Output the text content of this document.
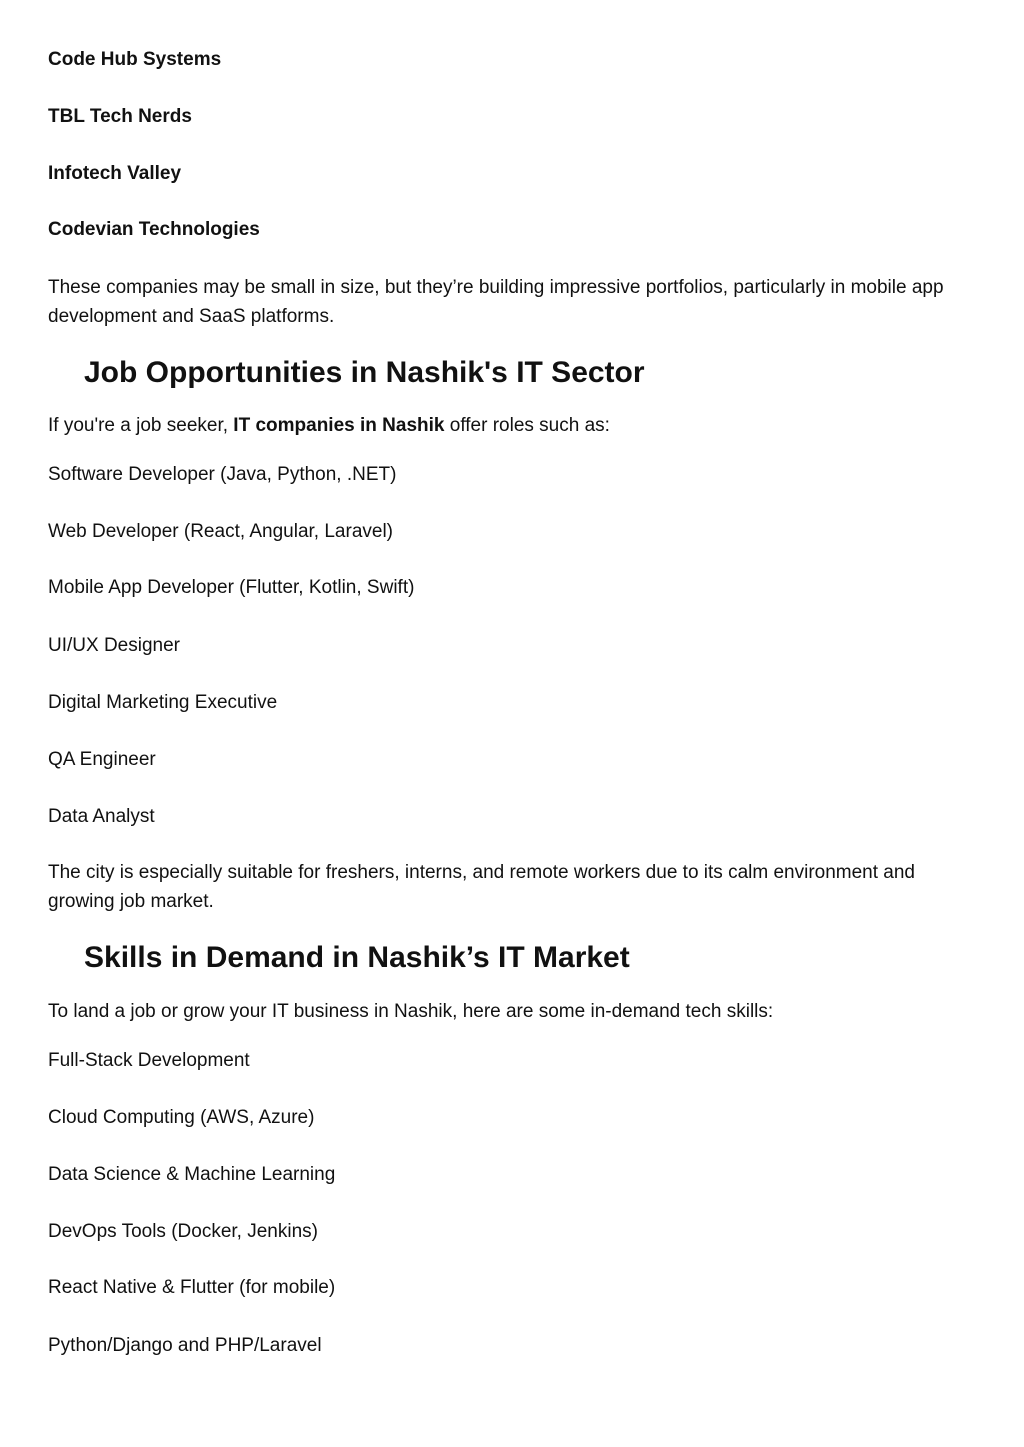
Code Hub Systems

TBL Tech Nerds

Infotech Valley

Codevian Technologies

These companies may be small in size, but they’re building impressive portfolios, particularly in mobile app development and SaaS platforms.

Job Opportunities in Nashik's IT Sector

If you're a job seeker, IT companies in Nashik offer roles such as:

Software Developer (Java, Python, .NET)

Web Developer (React, Angular, Laravel)

Mobile App Developer (Flutter, Kotlin, Swift)

UI/UX Designer

Digital Marketing Executive

QA Engineer

Data Analyst

The city is especially suitable for freshers, interns, and remote workers due to its calm environment and growing job market.

Skills in Demand in Nashik’s IT Market

To land a job or grow your IT business in Nashik, here are some in-demand tech skills:

Full-Stack Development

Cloud Computing (AWS, Azure)

Data Science & Machine Learning

DevOps Tools (Docker, Jenkins)

React Native & Flutter (for mobile)

Python/Django and PHP/Laravel
